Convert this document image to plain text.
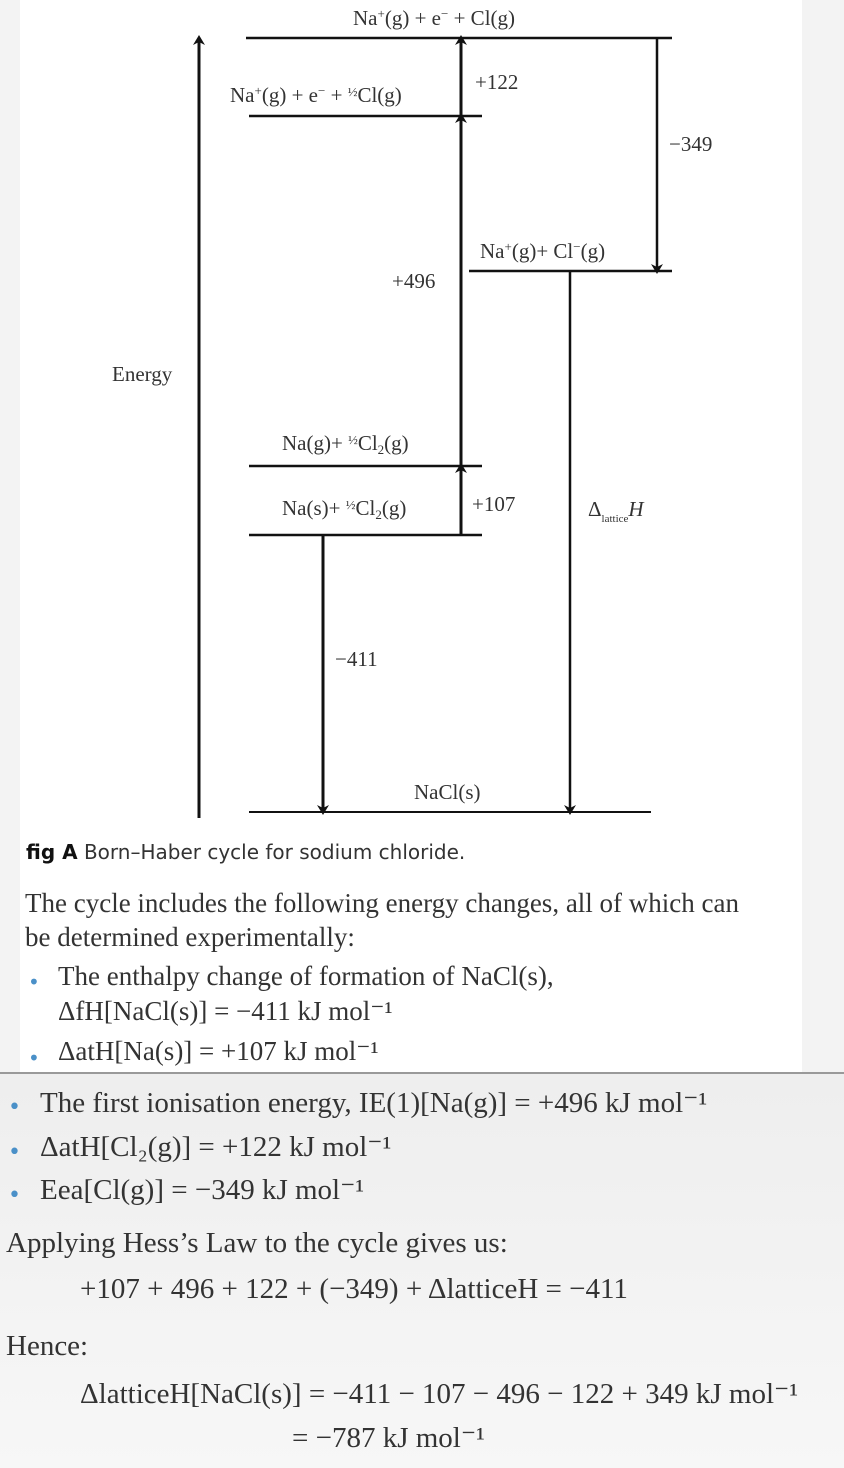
Energy
Na+(g) + e− + Cl(g)
Na+(g) + e− + $^{\frac{1}{2}}$Cl(g)
Na+(g)+ Cl−(g)
Na(g)+ $^{\frac{1}{2}}$Cl2(g)
Na(s)+ $^{\frac{1}{2}}$Cl2(g)
NaCl(s)
+122
−349
+496
+107
−411
$\Delta_{lattice}H$
fig A Born–Haber cycle for sodium chloride.
The cycle includes the following energy changes, all of which can
be determined experimentally:
• The enthalpy change of formation of NaCl(s),
ΔfH[NaCl(s)] = −411 kJ mol⁻¹
• ΔatH[Na(s)] = +107 kJ mol⁻¹
• The first ionisation energy, IE(1)[Na(g)] = +496 kJ mol⁻¹
• ΔatH[Cl₂(g)] = +122 kJ mol⁻¹
• Eea[Cl(g)] = −349 kJ mol⁻¹
Applying Hess’s Law to the cycle gives us:
+107 + 496 + 122 + (−349) + ΔlatticeH = −411
Hence:
ΔlatticeH[NaCl(s)] = −411 − 107 − 496 − 122 + 349 kJ mol⁻¹
= −787 kJ mol⁻¹
